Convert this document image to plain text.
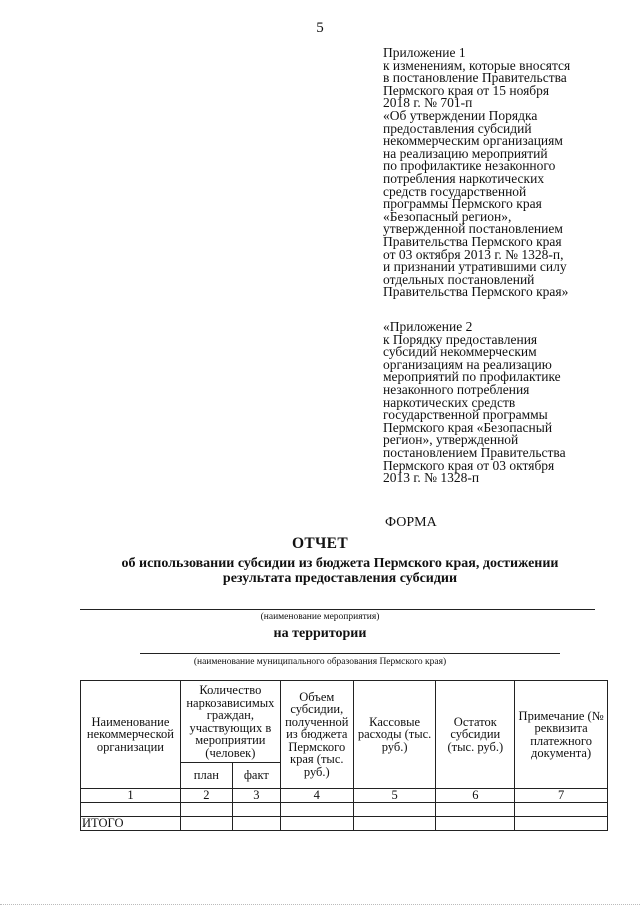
5
Приложение 1
к изменениям, которые вносятся
в постановление Правительства
Пермского края от 15 ноября
2018 г. № 701-п
«Об утверждении Порядка
предоставления субсидий
некоммерческим организациям
на реализацию мероприятий
по профилактике незаконного
потребления наркотических
средств государственной
программы Пермского края
«Безопасный регион»,
утвержденной постановлением
Правительства Пермского края
от 03 октября 2013 г. № 1328-п,
и признании утратившими силу
отдельных постановлений
Правительства Пермского края»
«Приложение 2
к Порядку предоставления
субсидий некоммерческим
организациям на реализацию
мероприятий по профилактике
незаконного потребления
наркотических средств
государственной программы
Пермского края «Безопасный
регион», утвержденной
постановлением Правительства
Пермского края от 03 октября
2013 г. № 1328-п
ФОРМА
ОТЧЕТ
об использовании субсидии из бюджета Пермского края, достижении
результата предоставления субсидии
(наименование мероприятия)
на территории
(наименование муниципального образования Пермского края)
Наименование некоммерческой организации	Количество наркозависимых граждан, участвующих в мероприятии (человек)		Объем субсидии, полученной из бюджета Пермского края (тыс. руб.)	Кассовые расходы (тыс. руб.)	Остаток субсидии (тыс. руб.)	Примечание (№ реквизита платежного документа)
	план	факт				
1	2	3	4	5	6	7

ИТОГО						
